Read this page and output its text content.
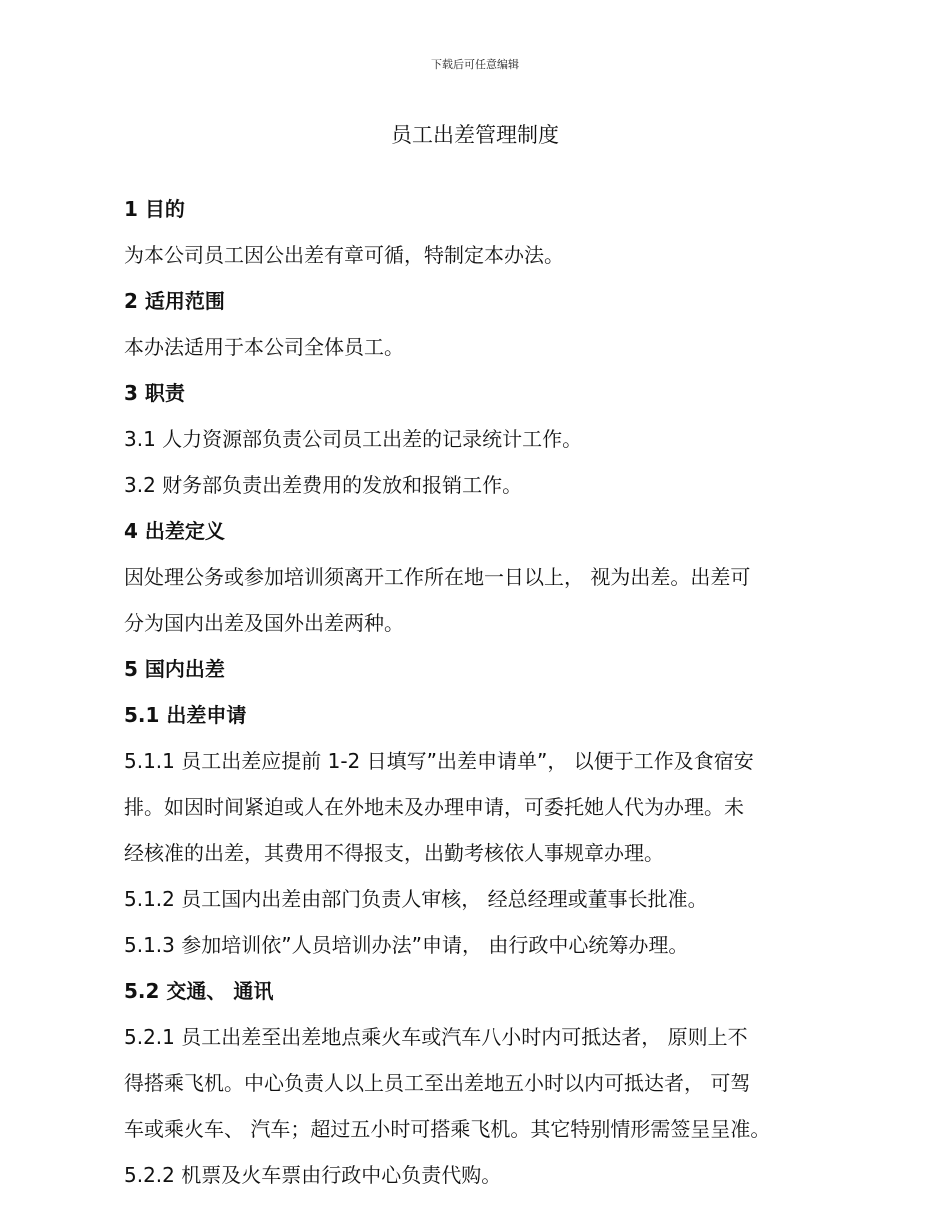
下载后可任意编辑
员工出差管理制度
1 目的
为本公司员工因公出差有章可循，特制定本办法。
2 适用范围
本办法适用于本公司全体员工。
3 职责
3.1 人力资源部负责公司员工出差的记录统计工作。
3.2 财务部负责出差费用的发放和报销工作。
4 出差定义
因处理公务或参加培训须离开工作所在地一日以上， 视为出差。出差可
分为国内出差及国外出差两种。
5 国内出差
5.1 出差申请
5.1.1 员工出差应提前 1-2 日填写”出差申请单”， 以便于工作及食宿安
排。如因时间紧迫或人在外地未及办理申请，可委托她人代为办理。未
经核准的出差，其费用不得报支，出勤考核依人事规章办理。
5.1.2 员工国内出差由部门负责人审核， 经总经理或董事长批准。
5.1.3 参加培训依”人员培训办法”申请， 由行政中心统筹办理。
5.2 交通、 通讯
5.2.1 员工出差至出差地点乘火车或汽车八小时内可抵达者， 原则上不
得搭乘飞机。中心负责人以上员工至出差地五小时以内可抵达者， 可驾
车或乘火车、 汽车；超过五小时可搭乘飞机。其它特别情形需签呈呈准。
5.2.2 机票及火车票由行政中心负责代购。
